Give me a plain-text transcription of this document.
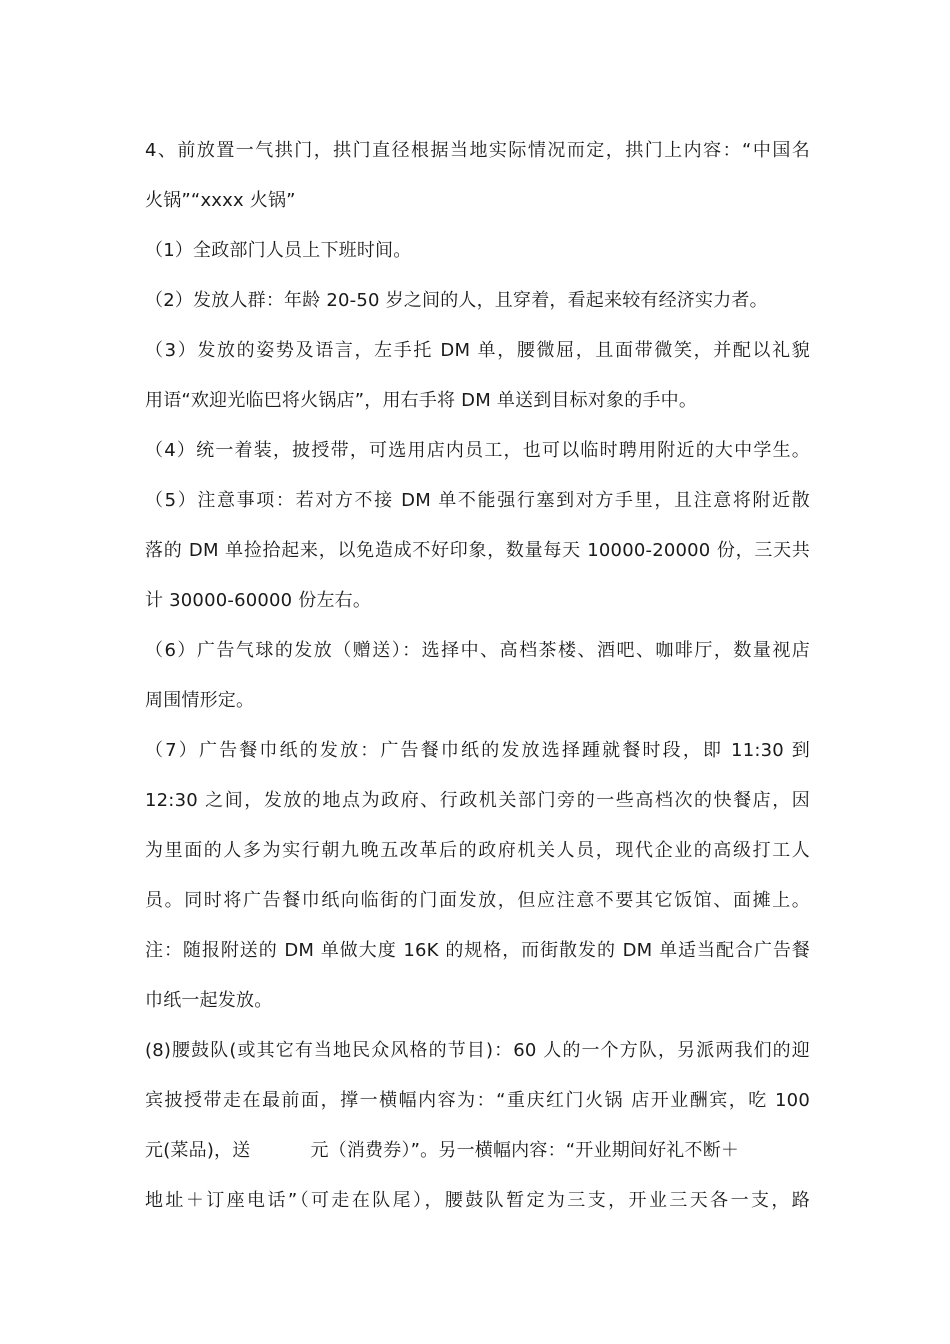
4、前放置一气拱门，拱门直径根据当地实际情况而定，拱门上内容：“中国名
火锅”“xxxx 火锅”
（1）全政部门人员上下班时间。
（2）发放人群：年龄 20-50 岁之间的人，且穿着，看起来较有经济实力者。
（3）发放的姿势及语言，左手托 DM 单，腰微屈，且面带微笑，并配以礼貌
用语“欢迎光临巴将火锅店”，用右手将 DM 单送到目标对象的手中。
（4）统一着装，披授带，可选用店内员工，也可以临时聘用附近的大中学生。
（5）注意事项：若对方不接 DM 单不能强行塞到对方手里，且注意将附近散
落的 DM 单捡拾起来，以免造成不好印象，数量每天 10000-20000 份，三天共
计 30000-60000 份左右。
（6）广告气球的发放（赠送）：选择中、高档茶楼、酒吧、咖啡厅，数量视店
周围情形定。
（7）广告餐巾纸的发放：广告餐巾纸的发放选择踵就餐时段，即 11:30 到
12:30 之间，发放的地点为政府、行政机关部门旁的一些高档次的快餐店，因
为里面的人多为实行朝九晚五改革后的政府机关人员，现代企业的高级打工人
员。同时将广告餐巾纸向临街的门面发放，但应注意不要其它饭馆、面摊上。
注：随报附送的 DM 单做大度 16K 的规格，而街散发的 DM 单适当配合广告餐
巾纸一起发放。
(8)腰鼓队(或其它有当地民众风格的节目)：60 人的一个方队，另派两我们的迎
宾披授带走在最前面，撑一横幅内容为：“重庆红门火锅 店开业酬宾，吃 100
元(菜品)，送	元（消费券）”。另一横幅内容：“开业期间好礼不断＋
地址＋订座电话”（可走在队尾），腰鼓队暂定为三支，开业三天各一支，路
